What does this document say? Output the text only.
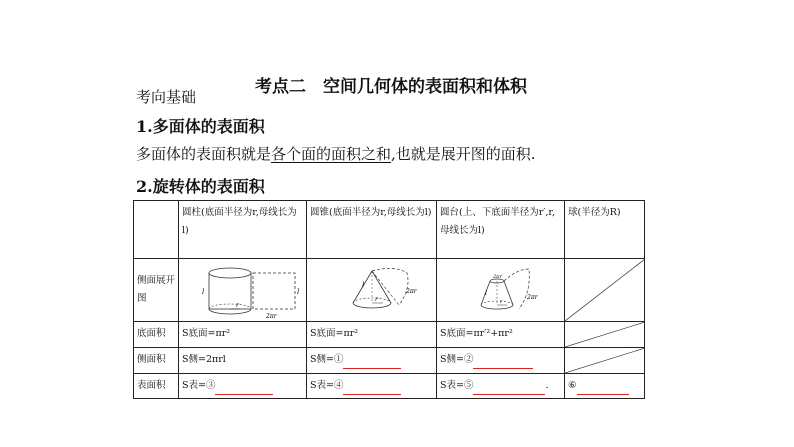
考点二　空间几何体的表面积和体积
考向基础
1.多面体的表面积
多面体的表面积就是各个面的面积之和,也就是展开图的面积.
2.旋转体的表面积
	圆柱(底面半径为r,母线长为l)	圆锥(底面半径为r,母线长为l)	圆台(上、下底面半径为r′,r,母线长为l)	球(半径为R)
侧面展开图	l l
r
2πr	l
r
2πr	2πr′
l
r
2πr

底面积	S底面=πr²	S底面=πr²	S底面=πr′²+πr²	

侧面积	S侧=2πrl	S侧=①	S侧=②	

表面积	S表=③	S表=④	S表=⑤ .	⑥
